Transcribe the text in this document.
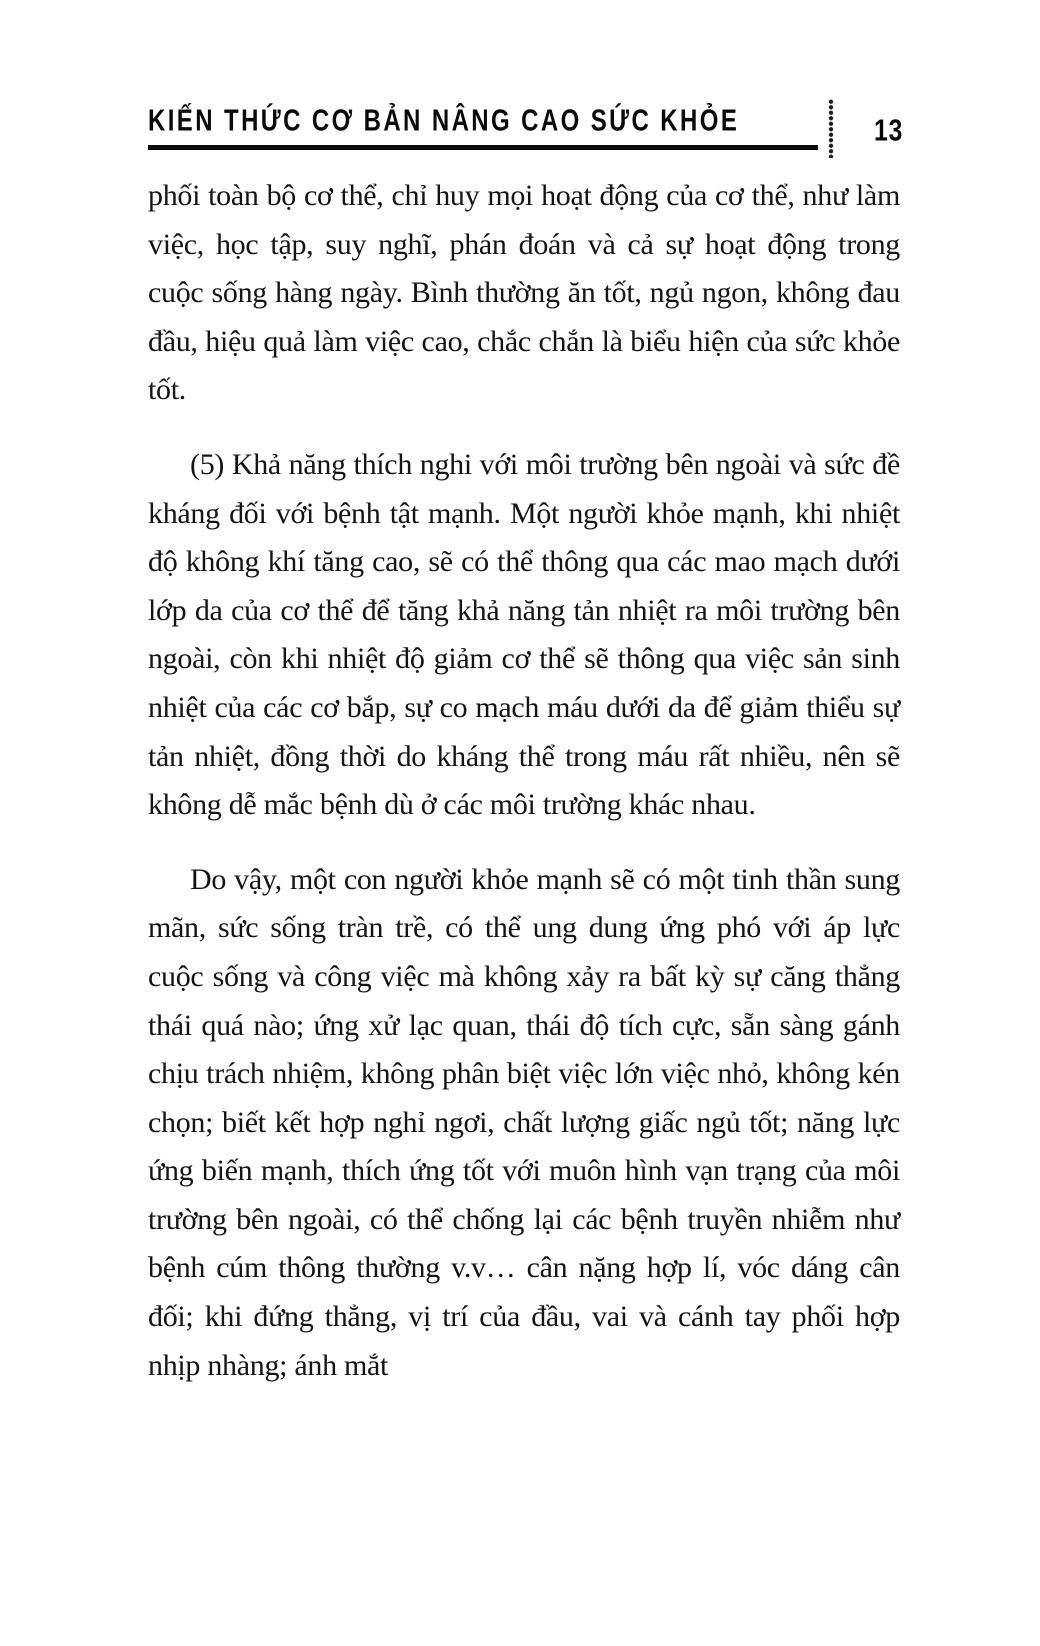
KIẾN THỨC CƠ BẢN NÂNG CAO SỨC KHỎE	13

phối toàn bộ cơ thể, chỉ huy mọi hoạt động của cơ thể, như làm việc, học tập, suy nghĩ, phán đoán và cả sự hoạt động trong cuộc sống hàng ngày. Bình thường ăn tốt, ngủ ngon, không đau đầu, hiệu quả làm việc cao, chắc chắn là biểu hiện của sức khỏe tốt.

(5) Khả năng thích nghi với môi trường bên ngoài và sức đề kháng đối với bệnh tật mạnh. Một người khỏe mạnh, khi nhiệt độ không khí tăng cao, sẽ có thể thông qua các mao mạch dưới lớp da của cơ thể để tăng khả năng tản nhiệt ra môi trường bên ngoài, còn khi nhiệt độ giảm cơ thể sẽ thông qua việc sản sinh nhiệt của các cơ bắp, sự co mạch máu dưới da để giảm thiểu sự tản nhiệt, đồng thời do kháng thể trong máu rất nhiều, nên sẽ không dễ mắc bệnh dù ở các môi trường khác nhau.

Do vậy, một con người khỏe mạnh sẽ có một tinh thần sung mãn, sức sống tràn trề, có thể ung dung ứng phó với áp lực cuộc sống và công việc mà không xảy ra bất kỳ sự căng thẳng thái quá nào; ứng xử lạc quan, thái độ tích cực, sẵn sàng gánh chịu trách nhiệm, không phân biệt việc lớn việc nhỏ, không kén chọn; biết kết hợp nghỉ ngơi, chất lượng giấc ngủ tốt; năng lực ứng biến mạnh, thích ứng tốt với muôn hình vạn trạng của môi trường bên ngoài, có thể chống lại các bệnh truyền nhiễm như bệnh cúm thông thường v.v… cân nặng hợp lí, vóc dáng cân đối; khi đứng thẳng, vị trí của đầu, vai và cánh tay phối hợp nhịp nhàng; ánh mắt
